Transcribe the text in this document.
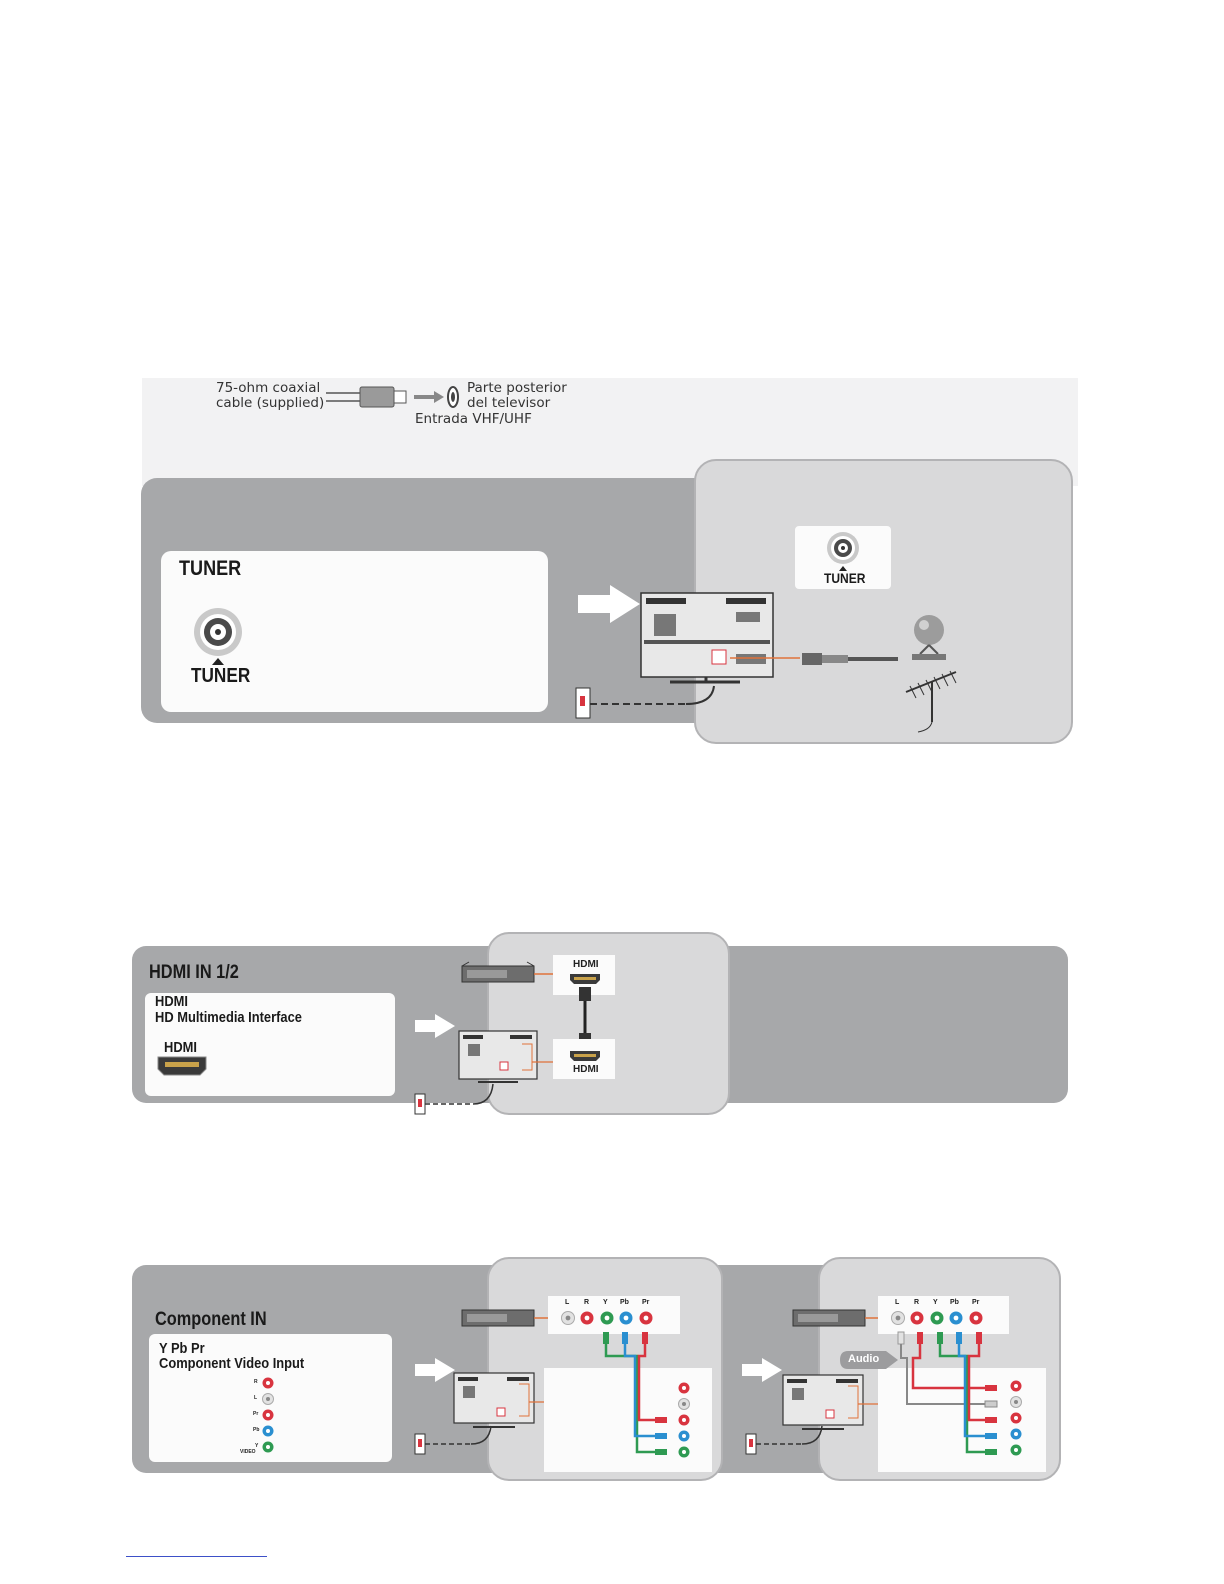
75-ohm coaxial
cable (supplied)
Parte posterior
del televisor
Entrada VHF/UHF
TUNER
TUNER
TUNER
HDMI IN 1/2
HDMI
HD Multimedia Interface
HDMI
HDMI
HDMI
Component IN
Y Pb Pr
Component Video Input
R
L
Pr
Pb
Y
VIDEO
L R Y Pb Pr	L R Y Pb Pr
Audio
